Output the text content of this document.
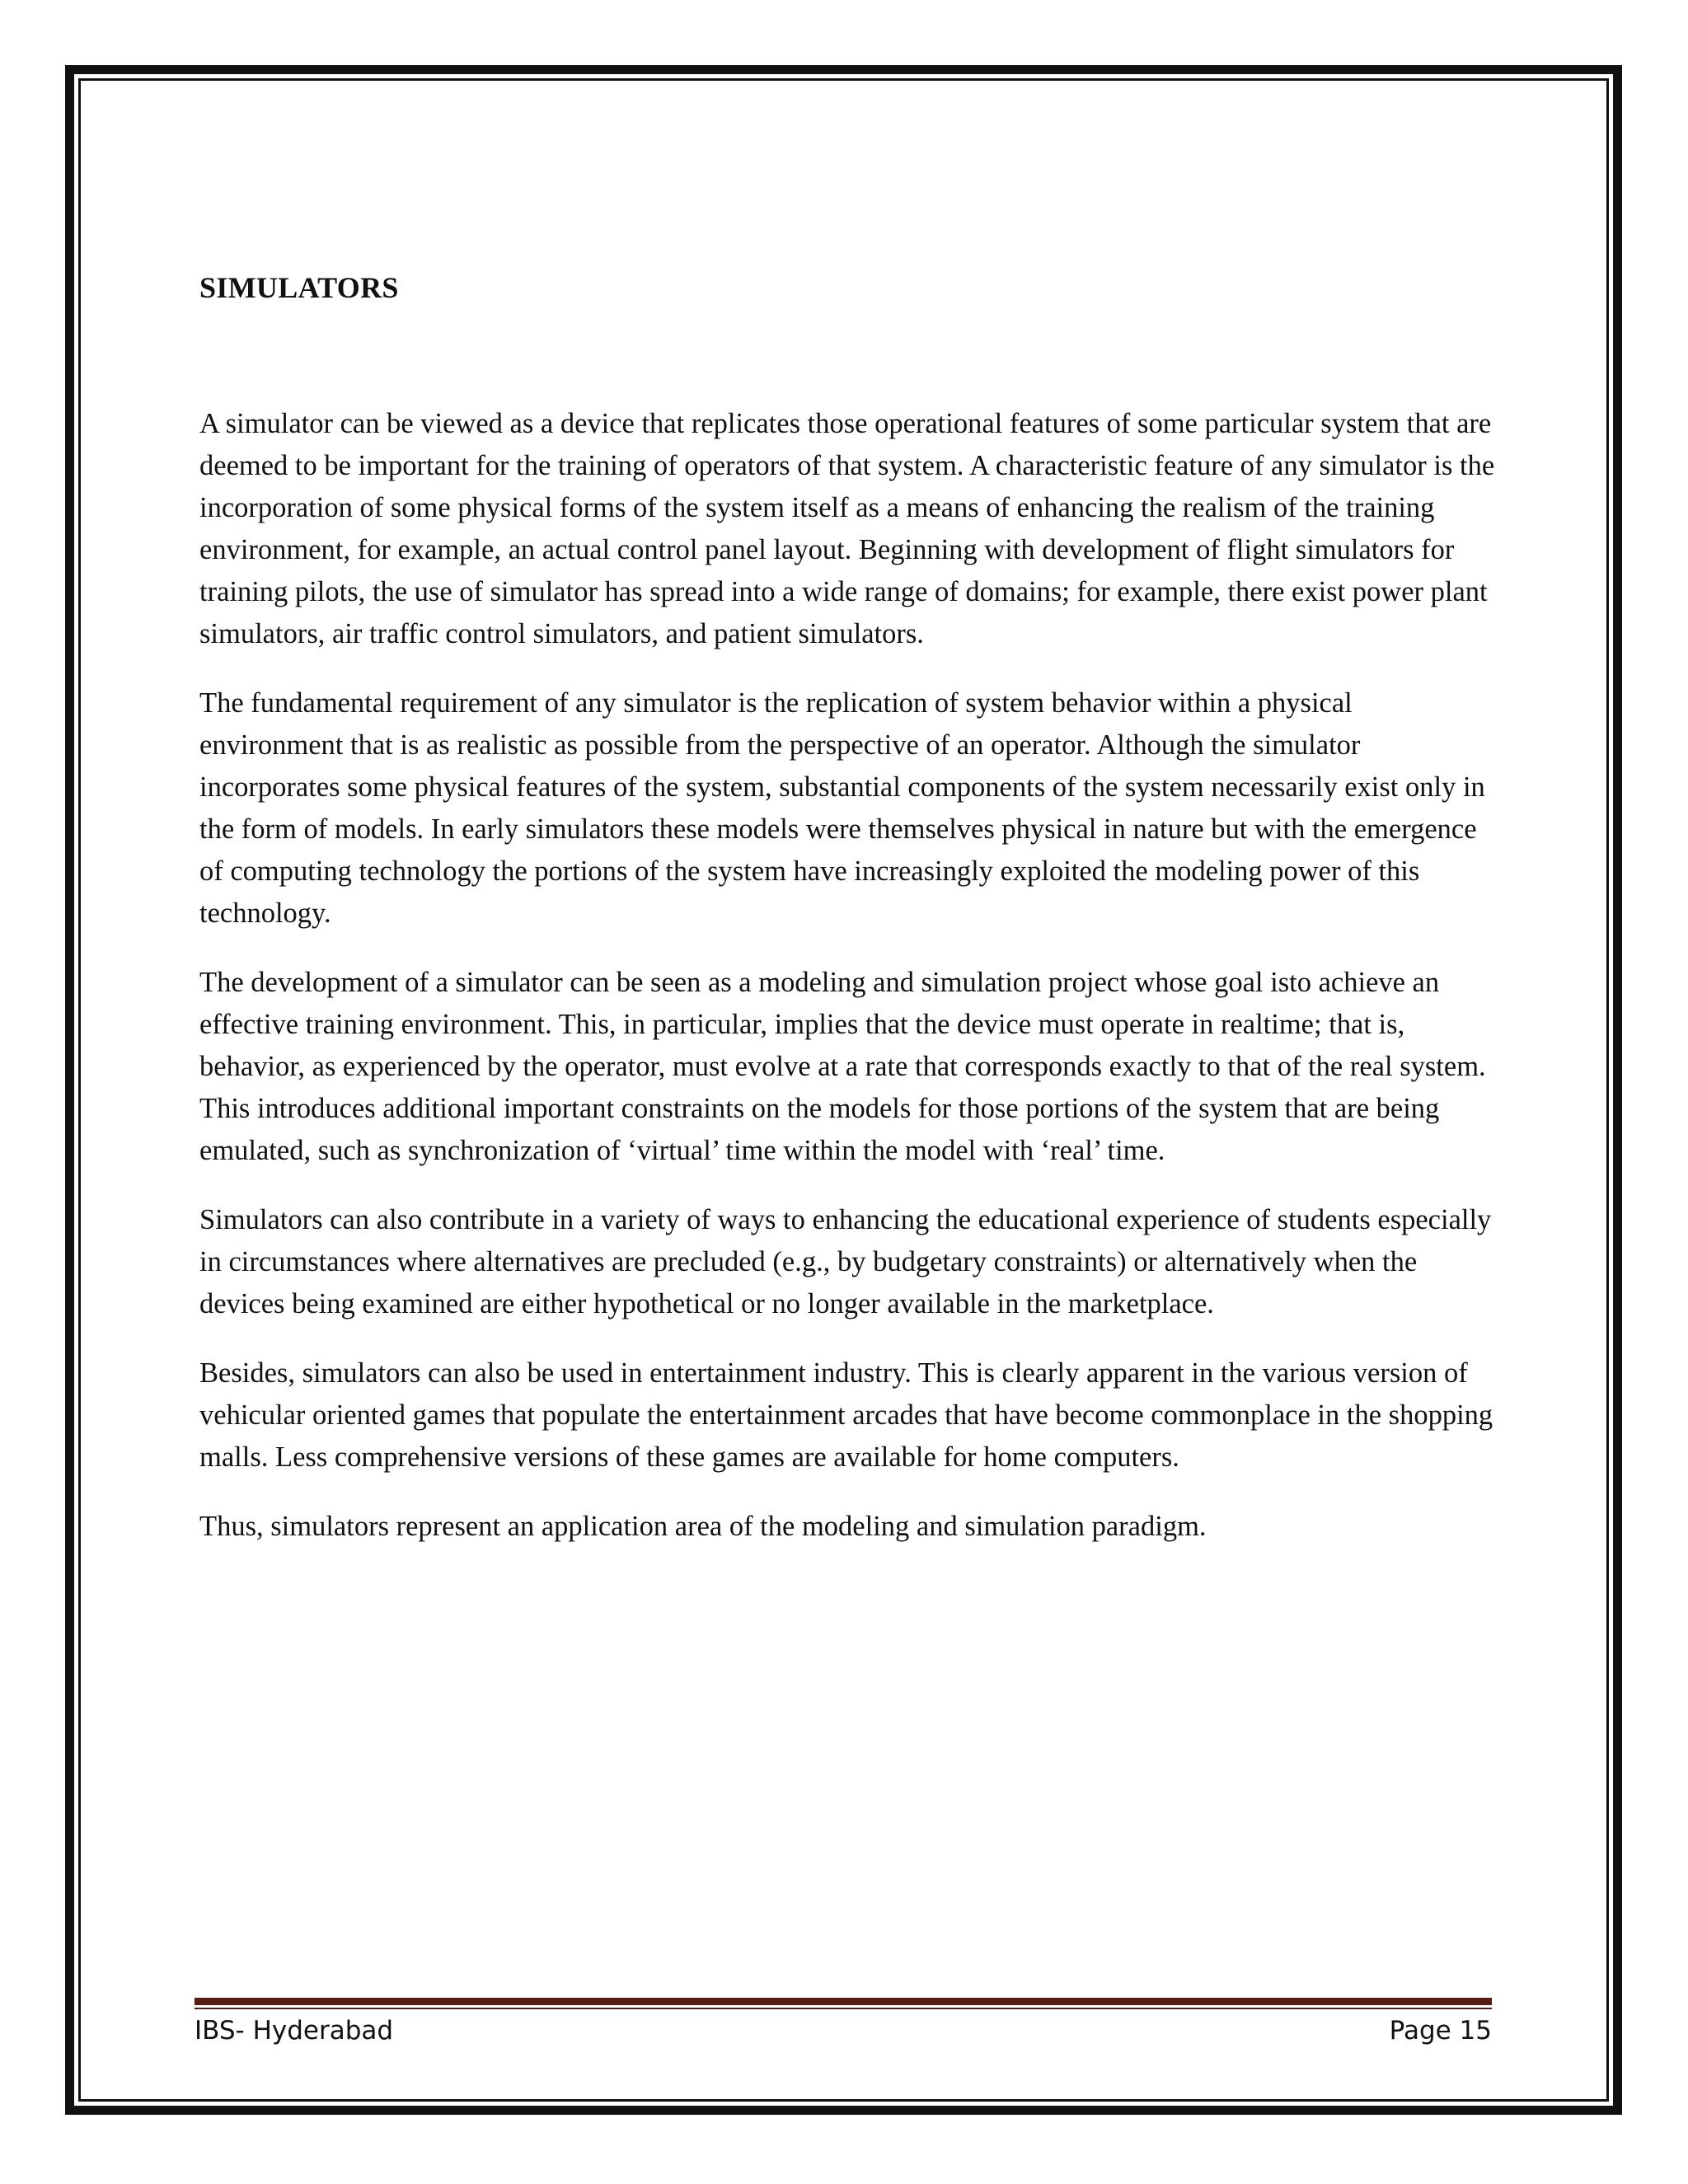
SIMULATORS

A simulator can be viewed as a device that replicates those operational features of some particular system that are deemed to be important for the training of operators of that system. A characteristic feature of any simulator is the incorporation of some physical forms of the system itself as a means of enhancing the realism of the training environment, for example, an actual control panel layout. Beginning with development of flight simulators for training pilots, the use of simulator has spread into a wide range of domains; for example, there exist power plant simulators, air traffic control simulators, and patient simulators.

The fundamental requirement of any simulator is the replication of system behavior within a physical environment that is as realistic as possible from the perspective of an operator. Although the simulator incorporates some physical features of the system, substantial components of the system necessarily exist only in the form of models. In early simulators these models were themselves physical in nature but with the emergence of computing technology the portions of the system have increasingly exploited the modeling power of this technology.

The development of a simulator can be seen as a modeling and simulation project whose goal isto achieve an effective training environment. This, in particular, implies that the device must operate in realtime; that is, behavior, as experienced by the operator, must evolve at a rate that corresponds exactly to that of the real system. This introduces additional important constraints on the models for those portions of the system that are being emulated, such as synchronization of ‘virtual’ time within the model with ‘real’ time.

Simulators can also contribute in a variety of ways to enhancing the educational experience of students especially in circumstances where alternatives are precluded (e.g., by budgetary constraints) or alternatively when the devices being examined are either hypothetical or no longer available in the marketplace.

Besides, simulators can also be used in entertainment industry. This is clearly apparent in the various version of vehicular oriented games that populate the entertainment arcades that have become commonplace in the shopping malls. Less comprehensive versions of these games are available for home computers.

Thus, simulators represent an application area of the modeling and simulation paradigm.

IBS- Hyderabad	Page 15
